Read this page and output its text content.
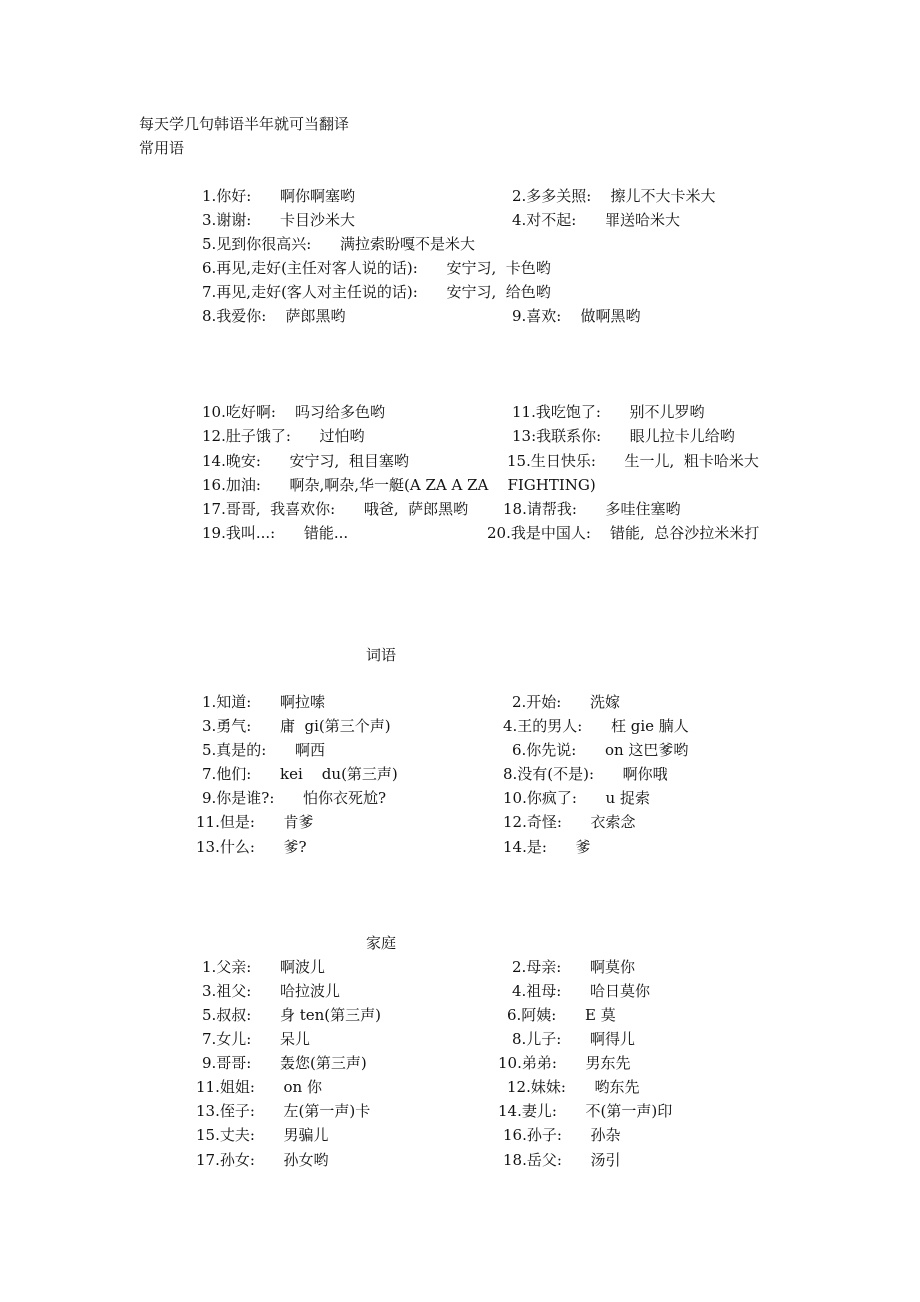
每天学几句韩语半年就可当翻译
常用语
1.你好:      啊你啊塞哟	2.多多关照:    擦儿不大卡米大
3.谢谢:      卡目沙米大	4.对不起:      罪送哈米大
5.见到你很高兴:      满拉索盼嘎不是米大
6.再见,走好(主任对客人说的话):      安宁习,  卡色哟
7.再见,走好(客人对主任说的话):      安宁习,  给色哟
8.我爱你:    萨郎黑哟	9.喜欢:    做啊黑哟
10.吃好啊:    吗习给多色哟	11.我吃饱了:      别不儿罗哟
12.肚子饿了:      过怕哟	13:我联系你:      眼儿拉卡儿给哟
14.晚安:      安宁习,  租目塞哟	15.生日快乐:      生一儿,  粗卡哈米大
16.加油:      啊杂,啊杂,华一艇(A ZA A ZA    FIGHTING)
17.哥哥,  我喜欢你:      哦爸,  萨郎黑哟 18.请帮我:      多哇住塞哟
19.我叫...:      错能...	20.我是中国人:    错能,  总谷沙拉米米打
词语
1.知道:      啊拉嗦	2.开始:      洗嫁
3.勇气:      庸  gi(第三个声)	4.王的男人:      枉 gie 腩人
5.真是的:      啊西	6.你先说:      on 这巴爹哟
7.他们:      kei    du(第三声)	8.没有(不是):      啊你哦
9.你是谁?:      怕你衣死尬?	10.你疯了:      u 捉索
11.但是:      肯爹	12.奇怪:      衣索念
13.什么:      爹?	14.是:      爹
家庭
1.父亲:      啊波儿	2.母亲:      啊莫你
3.祖父:      哈拉波儿	4.祖母:      哈日莫你
5.叔叔:      身 ten(第三声)	6.阿姨:      E 莫
7.女儿:      呆儿	8.儿子:      啊得儿
9.哥哥:      轰您(第三声)	10.弟弟:      男东先
11.姐姐:      on 你	12.妹妹:      哟东先
13.侄子:      左(第一声)卡	14.妻儿:      不(第一声)印
15.丈夫:      男骗儿	16.孙子:      孙杂
17.孙女:      孙女哟	18.岳父:      汤引
